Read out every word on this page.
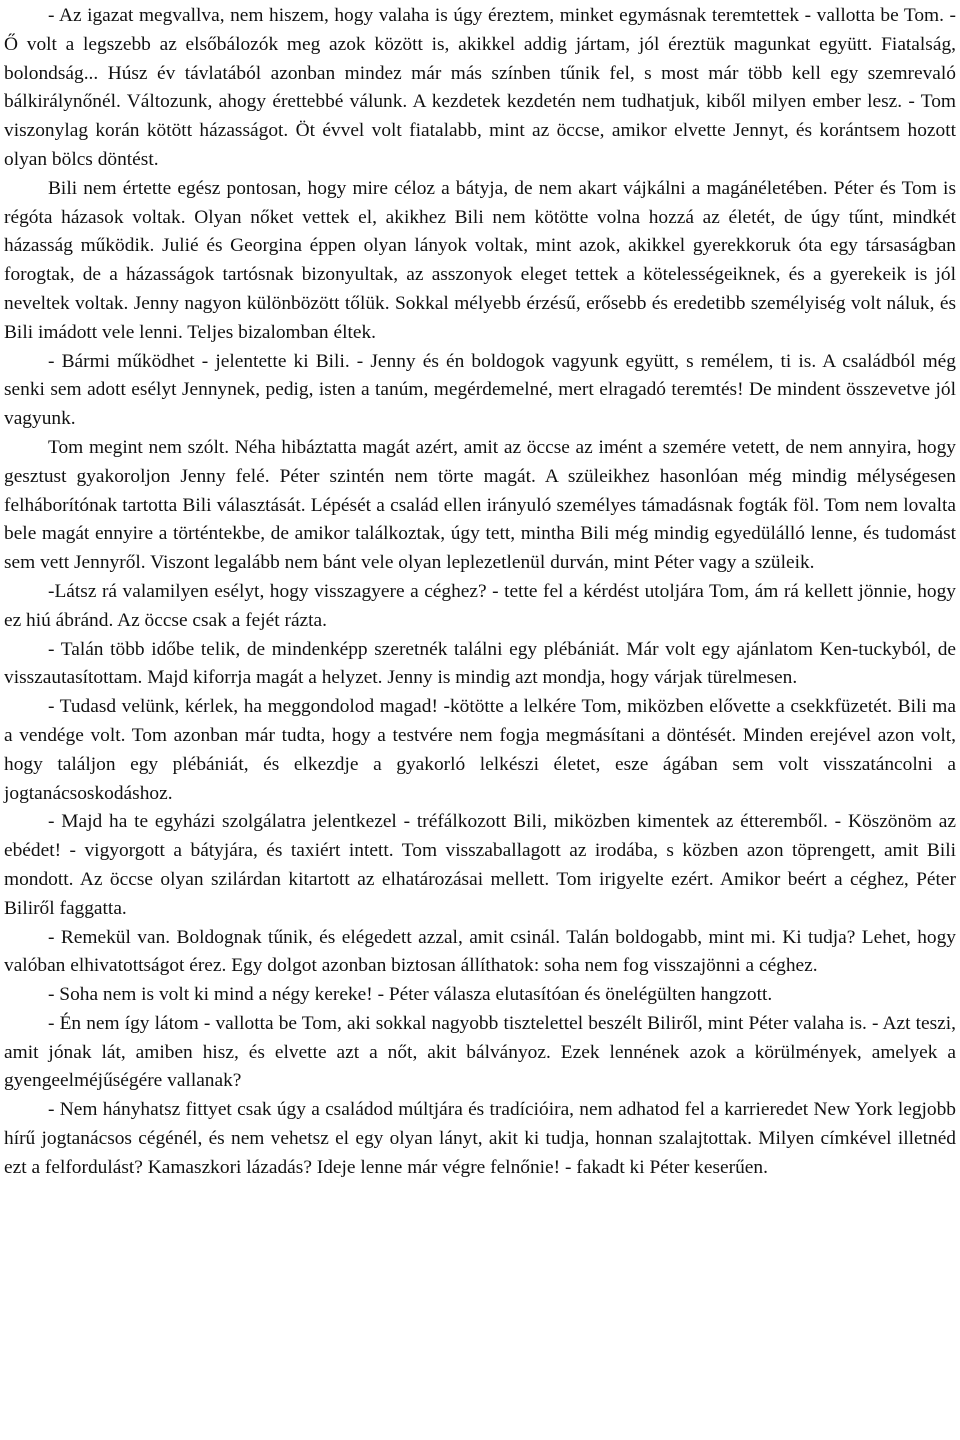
- Az igazat megvallva, nem hiszem, hogy valaha is úgy éreztem, minket egymásnak teremtettek - vallotta be Tom. - Ő volt a legszebb az elsőbálozók meg azok között is, akikkel addig jártam, jól éreztük magunkat együtt. Fiatalság, bolondság... Húsz év távlatából azonban mindez már más színben tűnik fel, s most már több kell egy szemrevaló bálkirálynőnél. Változunk, ahogy érettebbé válunk. A kezdetek kezdetén nem tudhatjuk, kiből milyen ember lesz. - Tom viszonylag korán kötött házasságot. Öt évvel volt fiatalabb, mint az öccse, amikor elvette Jennyt, és korántsem hozott olyan bölcs döntést.

Bili nem értette egész pontosan, hogy mire céloz a bátyja, de nem akart vájkálni a magánéletében. Péter és Tom is régóta házasok voltak. Olyan nőket vettek el, akikhez Bili nem kötötte volna hozzá az életét, de úgy tűnt, mindkét házasság működik. Julié és Georgina éppen olyan lányok voltak, mint azok, akikkel gyerekkoruk óta egy társaságban forogtak, de a házasságok tartósnak bizonyultak, az asszonyok eleget tettek a kötelességeiknek, és a gyerekeik is jól neveltek voltak. Jenny nagyon különbözött tőlük. Sokkal mélyebb érzésű, erősebb és eredetibb személyiség volt náluk, és Bili imádott vele lenni. Teljes bizalomban éltek.

- Bármi működhet - jelentette ki Bili. - Jenny és én boldogok vagyunk együtt, s remélem, ti is. A családból még senki sem adott esélyt Jennynek, pedig, isten a tanúm, megérdemelné, mert elragadó teremtés! De mindent összevetve jól vagyunk.

Tom megint nem szólt. Néha hibáztatta magát azért, amit az öccse az imént a szemére vetett, de nem annyira, hogy gesztust gyakoroljon Jenny felé. Péter szintén nem törte magát. A szüleikhez hasonlóan még mindig mélységesen felháborítónak tartotta Bili választását. Lépését a család ellen irányuló személyes támadásnak fogták föl. Tom nem lovalta bele magát ennyire a történtekbe, de amikor találkoztak, úgy tett, mintha Bili még mindig egyedülálló lenne, és tudomást sem vett Jennyről. Viszont legalább nem bánt vele olyan leplezetlenül durván, mint Péter vagy a szüleik.

-Látsz rá valamilyen esélyt, hogy visszagyere a céghez? - tette fel a kérdést utoljára Tom, ám rá kellett jönnie, hogy ez hiú ábránd. Az öccse csak a fejét rázta.

- Talán több időbe telik, de mindenképp szeretnék találni egy plébániát. Már volt egy ajánlatom Ken-tuckyból, de visszautasítottam. Majd kiforrja magát a helyzet. Jenny is mindig azt mondja, hogy várjak türelmesen.

- Tudasd velünk, kérlek, ha meggondolod magad! -kötötte a lelkére Tom, miközben elővette a csekkfüzetét. Bili ma a vendége volt. Tom azonban már tudta, hogy a testvére nem fogja megmásítani a döntését. Minden erejével azon volt, hogy találjon egy plébániát, és elkezdje a gyakorló lelkészi életet, esze ágában sem volt visszatáncolni a jogtanácsoskodáshoz.

- Majd ha te egyházi szolgálatra jelentkezel - tréfálkozott Bili, miközben kimentek az étteremből. - Köszönöm az ebédet! - vigyorgott a bátyjára, és taxiért intett. Tom visszaballagott az irodába, s közben azon töprengett, amit Bili mondott. Az öccse olyan szilárdan kitartott az elhatározásai mellett. Tom irigyelte ezért. Amikor beért a céghez, Péter Biliről faggatta.

- Remekül van. Boldognak tűnik, és elégedett azzal, amit csinál. Talán boldogabb, mint mi. Ki tudja? Lehet, hogy valóban elhivatottságot érez. Egy dolgot azonban biztosan állíthatok: soha nem fog visszajönni a céghez.

- Soha nem is volt ki mind a négy kereke! - Péter válasza elutasítóan és önelégülten hangzott.

- Én nem így látom - vallotta be Tom, aki sokkal nagyobb tisztelettel beszélt Biliről, mint Péter valaha is. - Azt teszi, amit jónak lát, amiben hisz, és elvette azt a nőt, akit bálványoz. Ezek lennének azok a körülmények, amelyek a gyengeelméjűségére vallanak?

- Nem hányhatsz fittyet csak úgy a családod múltjára és tradícióira, nem adhatod fel a karrieredet New York legjobb hírű jogtanácsos cégénél, és nem vehetsz el egy olyan lányt, akit ki tudja, honnan szalajtottak. Milyen címkével illetnéd ezt a felfordulást? Kamaszkori lázadás? Ideje lenne már végre felnőnie! - fakadt ki Péter keserűen.
